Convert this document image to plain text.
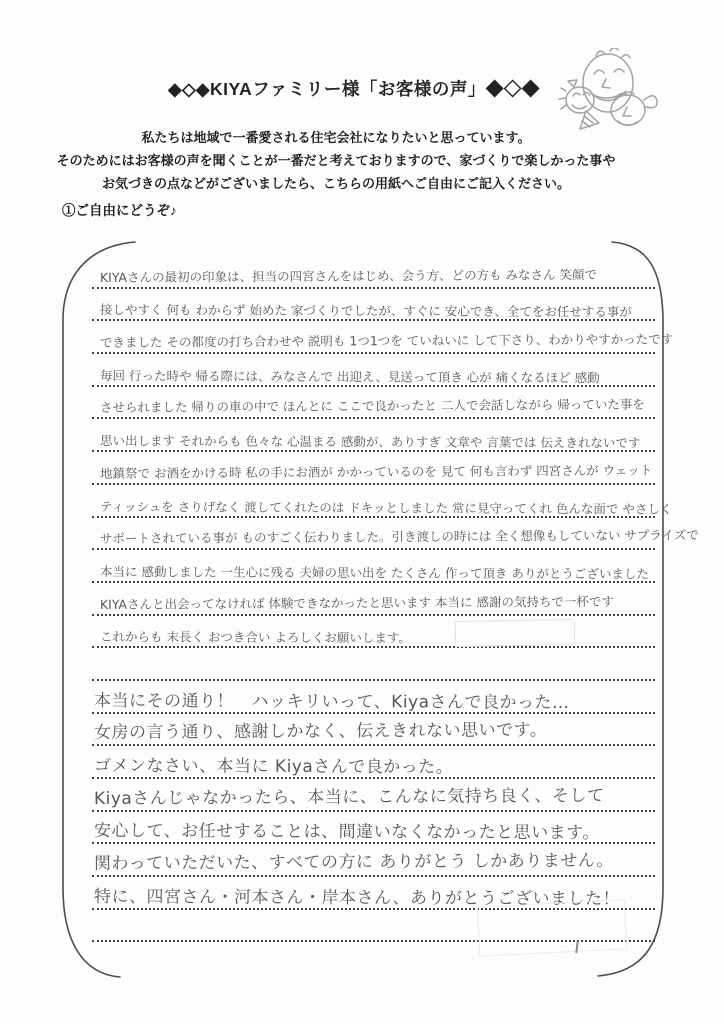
◆◇◆KIYAファミリー様「お客様の声」◆◇◆

私たちは地域で一番愛される住宅会社になりたいと思っています。

そのためにはお客様の声を聞くことが一番だと考えておりますので、家づくりで楽しかった事や

お気づきの点などがございましたら、こちらの用紙へご自由にご記入ください。

①ご自由にどうぞ♪
KIYAさんの最初の印象は、担当の四宮さんをはじめ、会う方、どの方も みなさん 笑顔で
接しやすく 何も わからず 始めた 家づくりでしたが、すぐに 安心でき、全てをお任せする事が
できました その都度の打ち合わせや 説明も 1つ1つを ていねいに して下さり、わかりやすかったです
毎回 行った時や 帰る際には、みなさんで 出迎え、見送って頂き 心が 痛くなるほど 感動
させられました 帰りの車の中で ほんとに ここで良かったと 二人で会話しながら 帰っていた事を
思い出します それからも 色々な 心温まる 感動が、ありすぎ 文章や 言葉では 伝えきれないです
地鎮祭で お酒をかける時 私の手にお酒が かかっているのを 見て 何も言わず 四宮さんが ウェット
ティッシュを さりげなく 渡してくれたのは ドキッとしました 常に見守ってくれ 色んな面で やさしく
サポートされている事が ものすごく伝わりました。引き渡しの時には 全く想像もしていない サプライズで
本当に 感動しました 一生心に残る 夫婦の思い出を たくさん 作って頂き ありがとうございました
KIYAさんと出会ってなければ 体験できなかったと思います 本当に 感謝の気持ちで一杯です
これからも 末長く おつき合い よろしくお願いします。
本当にその通り！　ハッキリいって、Kiyaさんで良かった…
女房の言う通り、感謝しかなく、伝えきれない思いです。
ゴメンなさい、本当に Kiyaさんで良かった。
Kiyaさんじゃなかったら、本当に、こんなに気持ち良く、そして
安心して、お任せすることは、間違いなくなかったと思います。
関わっていただいた、すべての方に ありがとう しかありません。
特に、四宮さん・河本さん・岸本さん、ありがとうございました！
